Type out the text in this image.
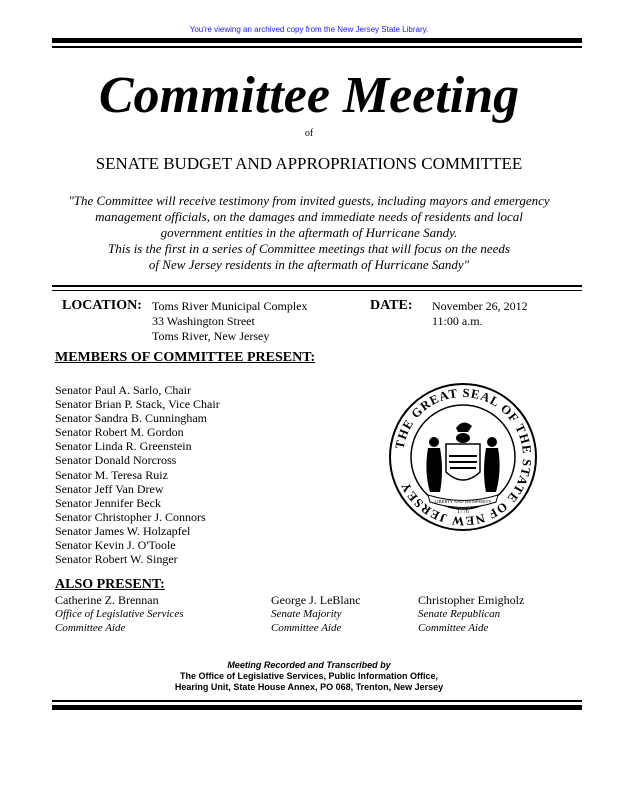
You're viewing an archived copy from the New Jersey State Library.
Committee Meeting
of
SENATE BUDGET AND APPROPRIATIONS COMMITTEE
"The Committee will receive testimony from invited guests, including mayors and emergency
management officials, on the damages and immediate needs of residents and local
government entities in the aftermath of Hurricane Sandy.
This is the first in a series of Committee meetings that will focus on the needs
of New Jersey residents in the aftermath of Hurricane Sandy"
LOCATION: Toms River Municipal Complex
33 Washington Street
Toms River, New Jersey
DATE: November 26, 2012
11:00 a.m.
MEMBERS OF COMMITTEE PRESENT:
Senator Paul A. Sarlo, Chair
Senator Brian P. Stack, Vice Chair
Senator Sandra B. Cunningham
Senator Robert M. Gordon
Senator Linda R. Greenstein
Senator Donald Norcross
Senator M. Teresa Ruiz
Senator Jeff Van Drew
Senator Jennifer Beck
Senator Christopher J. Connors
Senator James W. Holzapfel
Senator Kevin J. O'Toole
Senator Robert W. Singer
THE GREAT SEAL OF THE STATE OF NEW JERSEY
LIBERTY AND PROSPERITY
1776
ALSO PRESENT:
Catherine Z. Brennan
Office of Legislative Services
Committee Aide
George J. LeBlanc
Senate Majority
Committee Aide
Christopher Emigholz
Senate Republican
Committee Aide
Meeting Recorded and Transcribed by
The Office of Legislative Services, Public Information Office,
Hearing Unit, State House Annex, PO 068, Trenton, New Jersey
